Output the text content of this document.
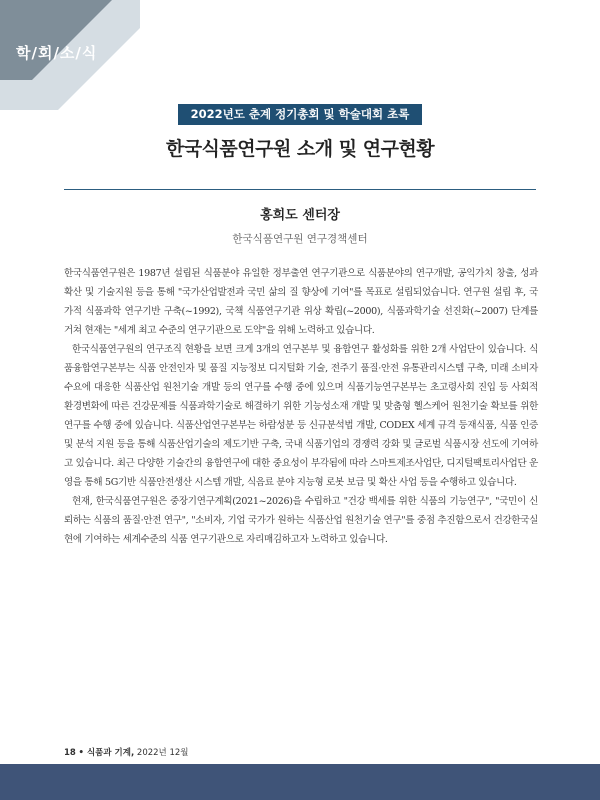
학/회/소/식
2022년도 춘계 정기총회 및 학술대회 초록
한국식품연구원 소개 및 연구현황
홍희도 센터장
한국식품연구원 연구경책센터

한국식품연구원은 1987년 설립된 식품분야 유일한 정부출연 연구기관으로 식품분야의 연구개발, 공익가치 창출, 성과확산 및 기술지원 등을 통해 "국가산업발전과 국민 삶의 질 향상에 기여"를 목표로 설립되었습니다. 연구원 설립 후, 국가적 식품과학 연구기반 구축(~1992), 국책 식품연구기관 위상 확립(~2000), 식품과학기술 선진화(~2007) 단계를 거쳐 현재는 "세계 최고 수준의 연구기관으로 도약"을 위해 노력하고 있습니다.

한국식품연구원의 연구조직 현황을 보면 크게 3개의 연구본부 및 융합연구 활성화를 위한 2개 사업단이 있습니다. 식품융합연구본부는 식품 안전인자 및 품질 지능정보 디지털화 기술, 전주기 품질·안전 유통관리시스템 구축, 미래 소비자 수요에 대응한 식품산업 원천기술 개발 등의 연구를 수행 중에 있으며 식품기능연구본부는 초고령사회 진입 등 사회적 환경변화에 따른 건강문제를 식품과학기술로 해결하기 위한 기능성소재 개발 및 맞춤형 헬스케어 원천기술 확보를 위한 연구를 수행 중에 있습니다. 식품산업연구본부는 하람성분 등 신규분석법 개발, CODEX 세계 규격 등재식품, 식품 인증 및 분석 지원 등을 통해 식품산업기술의 제도기반 구축, 국내 식품기업의 경쟁력 강화 및 글로벌 식품시장 선도에 기여하고 있습니다. 최근 다양한 기술간의 융합연구에 대한 중요성이 부각됨에 따라 스마트제조사업단, 디지털팩토리사업단 운영을 통해 5G기반 식품안전생산 시스템 개발, 식음료 분야 지능형 로봇 보급 및 확산 사업 등을 수행하고 있습니다.

현재, 한국식품연구원은 중장기연구계획(2021~2026)을 수립하고 "건강 백세를 위한 식품의 기능연구", "국민이 신뢰하는 식품의 품질·안전 연구", "소비자, 기업 국가가 원하는 식품산업 원천기술 연구"를 중점 추진함으로서 건강한국실현에 기여하는 세계수준의 식품 연구기관으로 자리매김하고자 노력하고 있습니다.

18 • 식품과 기계, 2022년 12월
